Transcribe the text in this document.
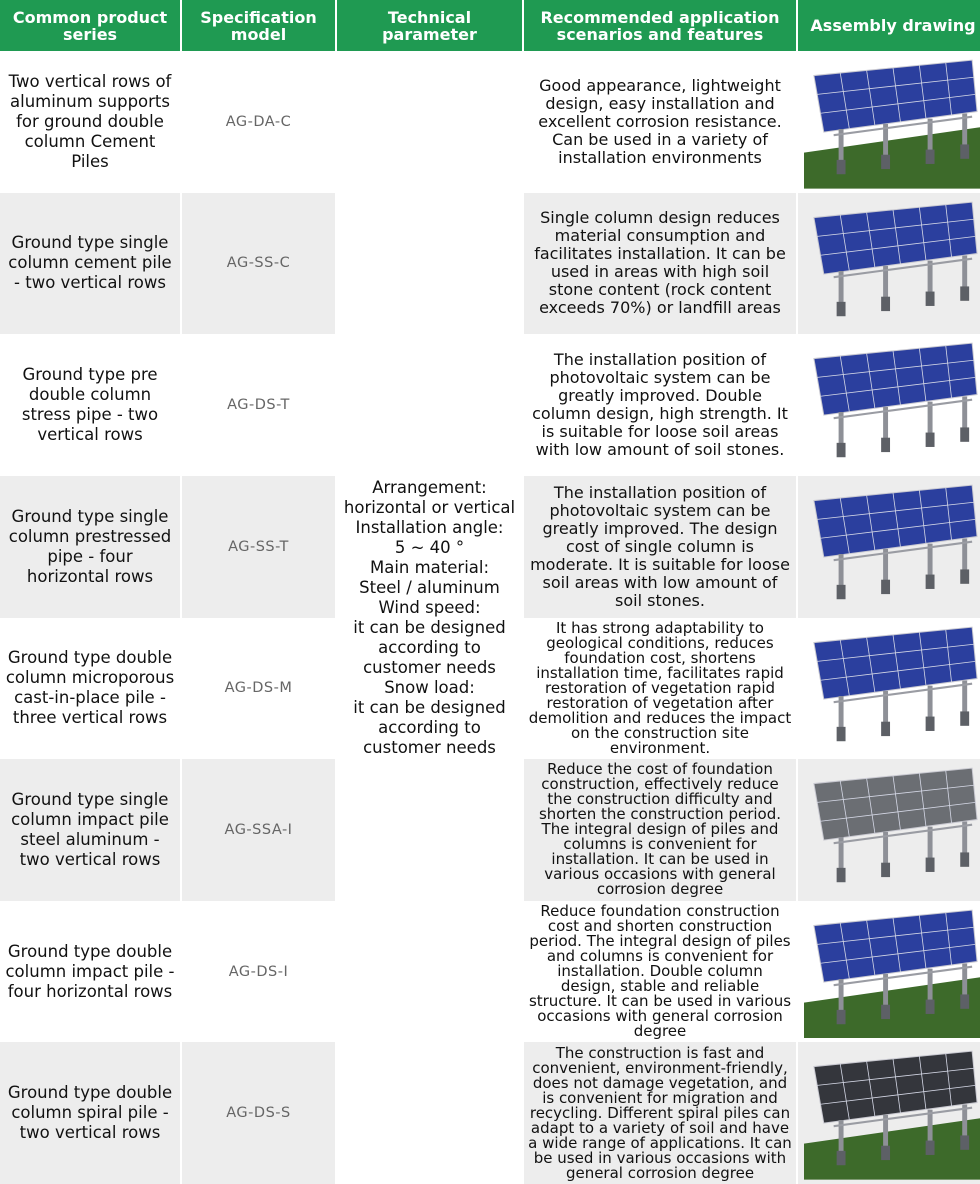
Common product series
Specification model
Technical parameter
Recommended application scenarios and features	Assembly drawing
Arrangement:
horizontal or vertical
Installation angle:
5 ~ 40 °
Main material:
Steel / aluminum
Wind speed:
it can be designed
according to
customer needs
Snow load:
it can be designed
according to
customer needs
Two vertical rows of aluminum supports for ground double column Cement Piles
AG-DA-C
Good appearance, lightweight design, easy installation and excellent corrosion resistance. Can be used in a variety of installation environments
Ground type single column cement pile - two vertical rows
AG-SS-C
Single column design reduces material consumption and facilitates installation. It can be used in areas with high soil stone content (rock content exceeds 70%) or landfill areas
Ground type pre double column stress pipe - two vertical rows
AG-DS-T
The installation position of photovoltaic system can be greatly improved. Double column design, high strength. It is suitable for loose soil areas with low amount of soil stones.
Ground type single column prestressed pipe - four horizontal rows
AG-SS-T
The installation position of photovoltaic system can be greatly improved. The design cost of single column is moderate. It is suitable for loose soil areas with low amount of soil stones.
Ground type double column microporous cast-in-place pile - three vertical rows
AG-DS-M
It has strong adaptability to geological conditions, reduces foundation cost, shortens installation time, facilitates rapid restoration of vegetation rapid restoration of vegetation after demolition and reduces the impact on the construction site environment.
Ground type single column impact pile steel aluminum - two vertical rows
AG-SSA-I
Reduce the cost of foundation construction, effectively reduce the construction difficulty and shorten the construction period. The integral design of piles and columns is convenient for installation. It can be used in various occasions with general corrosion degree
Ground type double column impact pile - four horizontal rows
AG-DS-I
Reduce foundation construction cost and shorten construction period. The integral design of piles and columns is convenient for installation. Double column design, stable and reliable structure. It can be used in various occasions with general corrosion degree
Ground type double column spiral pile - two vertical rows
AG-DS-S
The construction is fast and convenient, environment-friendly, does not damage vegetation, and is convenient for migration and recycling. Different spiral piles can adapt to a variety of soil and have a wide range of applications. It can be used in various occasions with general corrosion degree
